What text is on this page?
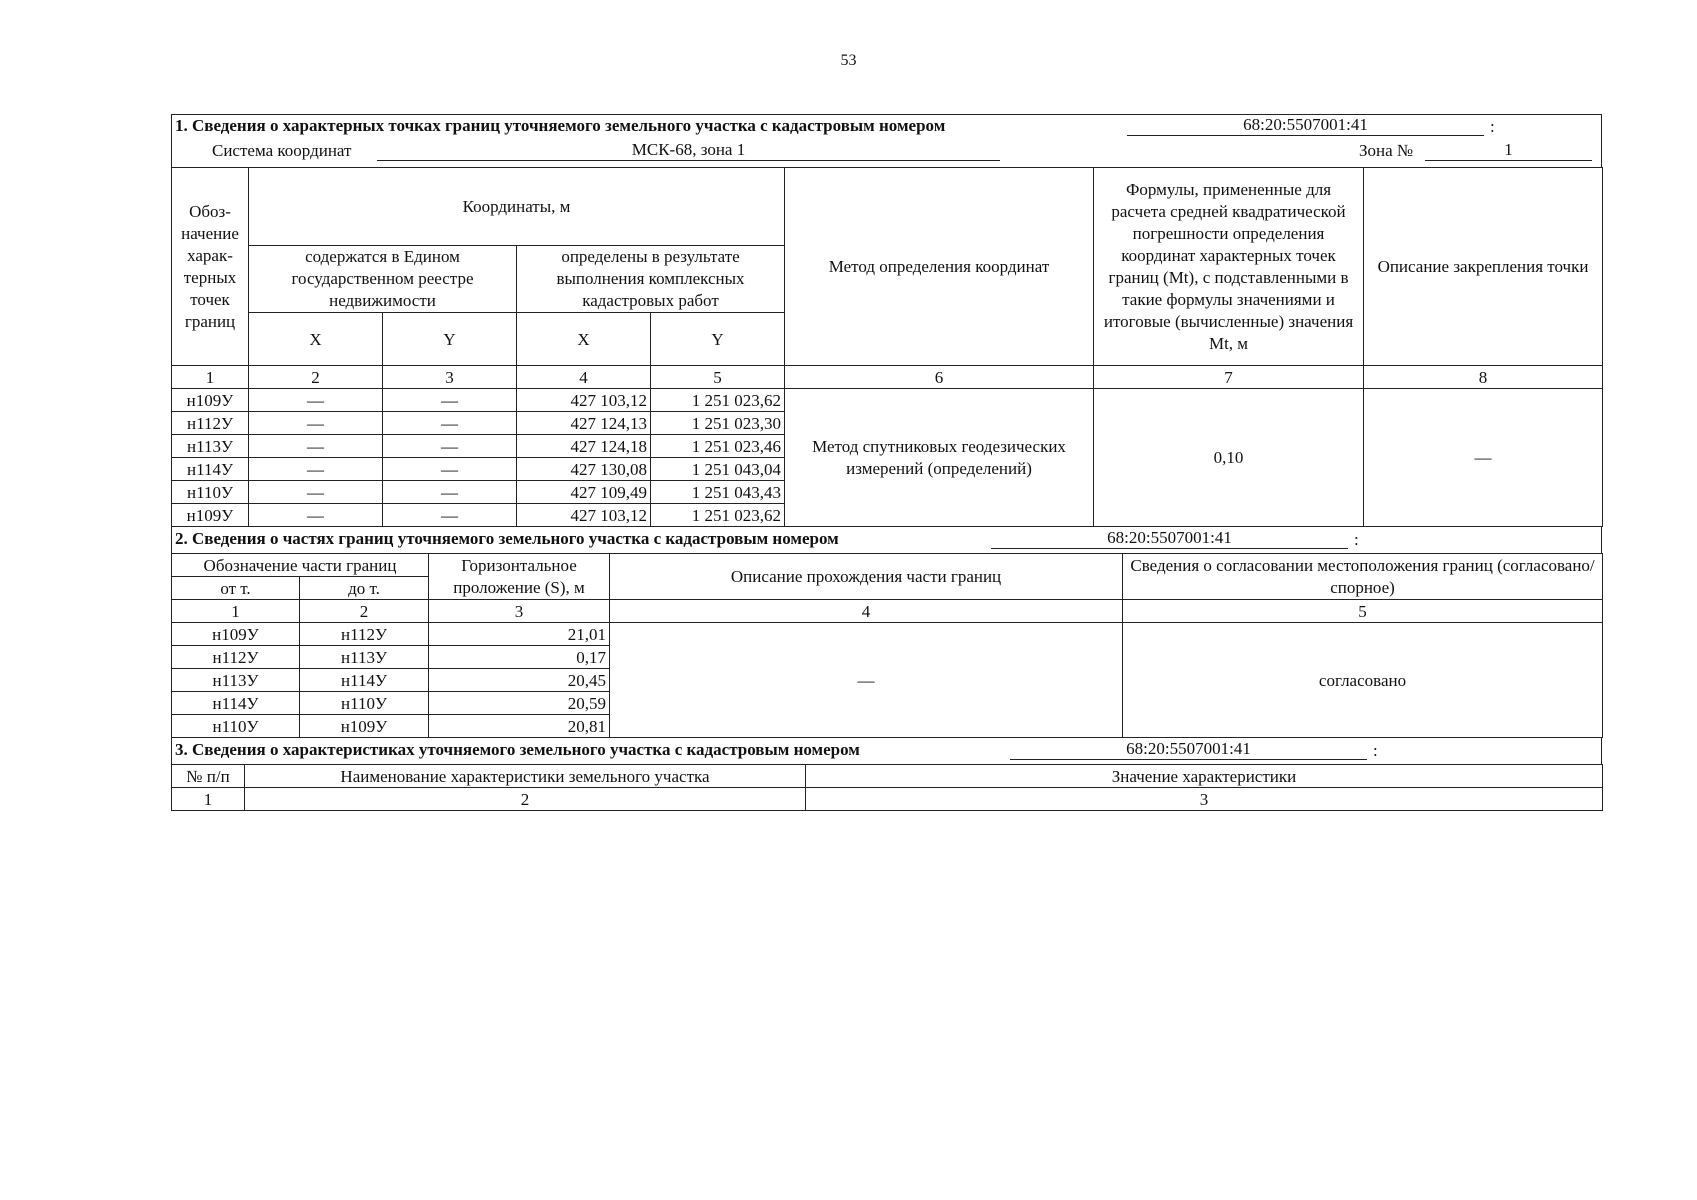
53
1. Сведения о характерных точках границ уточняемого земельного участка с кадастровым номером	68:20:5507001:41	:
Система координат	МСК-68, зона 1	Зона №	1
Обоз-начение харак-терных точек границ	Координаты, м				Метод определения координат	Формулы, примененные для расчета средней квадратической погрешности определения координат характерных точек границ (Mt), с подставленными в такие формулы значениями и итоговые (вычисленные) значения Mt, м	Описание закрепления точки
	содержатся в Едином государственном реестре недвижимости		определены в результате выполнения комплексных кадастровых работ				
	X	Y	X	Y			
1	2	3	4	5	6	7	8
н109У	—	—	427 103,12	1 251 023,62	Метод спутниковых геодезических измерений (определений)	0,10	—
н112У	—	—	427 124,13	1 251 023,30			
н113У	—	—	427 124,18	1 251 023,46			
н114У	—	—	427 130,08	1 251 043,04			
н110У	—	—	427 109,49	1 251 043,43			
н109У	—	—	427 103,12	1 251 023,62			
2. Сведения о частях границ уточняемого земельного участка с кадастровым номером	68:20:5507001:41	:
Обозначение части границ		Горизонтальное проложение (S), м	Описание прохождения части границ	Сведения о согласовании местоположения границ (согласовано/спорное)
от т.	до т.			
1	2	3	4	5
н109У	н112У	21,01	—	согласовано
н112У	н113У	0,17		
н113У	н114У	20,45		
н114У	н110У	20,59		
н110У	н109У	20,81		
3. Сведения о характеристиках уточняемого земельного участка с кадастровым номером	68:20:5507001:41	:
№ п/п	Наименование характеристики земельного участка	Значение характеристики
1	2	3
